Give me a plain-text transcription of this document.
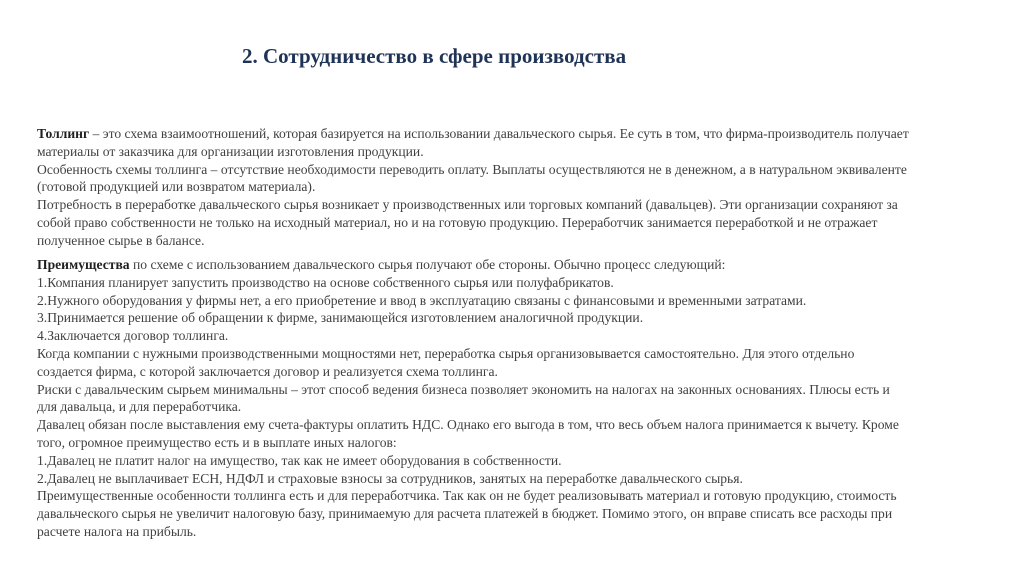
2. Сотрудничество в сфере производства
Толлинг – это схема взаимоотношений, которая базируется на использовании давальческого сырья. Ее суть в том, что фирма-производитель получает
материалы от заказчика для организации изготовления продукции.
Особенность схемы толлинга – отсутствие необходимости переводить оплату. Выплаты осуществляются не в денежном, а в натуральном эквиваленте
(готовой продукцией или возвратом материала).
Потребность в переработке давальческого сырья возникает у производственных или торговых компаний (давальцев). Эти организации сохраняют за
собой право собственности не только на исходный материал, но и на готовую продукцию. Переработчик занимается переработкой и не отражает
полученное сырье в балансе.
Преимущества по схеме с использованием давальческого сырья получают обе стороны. Обычно процесс следующий:
1.Компания планирует запустить производство на основе собственного сырья или полуфабрикатов.
2.Нужного оборудования у фирмы нет, а его приобретение и ввод в эксплуатацию связаны с финансовыми и временными затратами.
3.Принимается решение об обращении к фирме, занимающейся изготовлением аналогичной продукции.
4.Заключается договор толлинга.
Когда компании с нужными производственными мощностями нет, переработка сырья организовывается самостоятельно. Для этого отдельно
создается фирма, с которой заключается договор и реализуется схема толлинга.
Риски с давальческим сырьем минимальны – этот способ ведения бизнеса позволяет экономить на налогах на законных основаниях. Плюсы есть и
для давальца, и для переработчика.
Давалец обязан после выставления ему счета-фактуры оплатить НДС. Однако его выгода в том, что весь объем налога принимается к вычету. Кроме
того, огромное преимущество есть и в выплате иных налогов:
1.Давалец не платит налог на имущество, так как не имеет оборудования в собственности.
2.Давалец не выплачивает ЕСН, НДФЛ и страховые взносы за сотрудников, занятых на переработке давальческого сырья.
Преимущественные особенности толлинга есть и для переработчика. Так как он не будет реализовывать материал и готовую продукцию, стоимость
давальческого сырья не увеличит налоговую базу, принимаемую для расчета платежей в бюджет. Помимо этого, он вправе списать все расходы при
расчете налога на прибыль.
